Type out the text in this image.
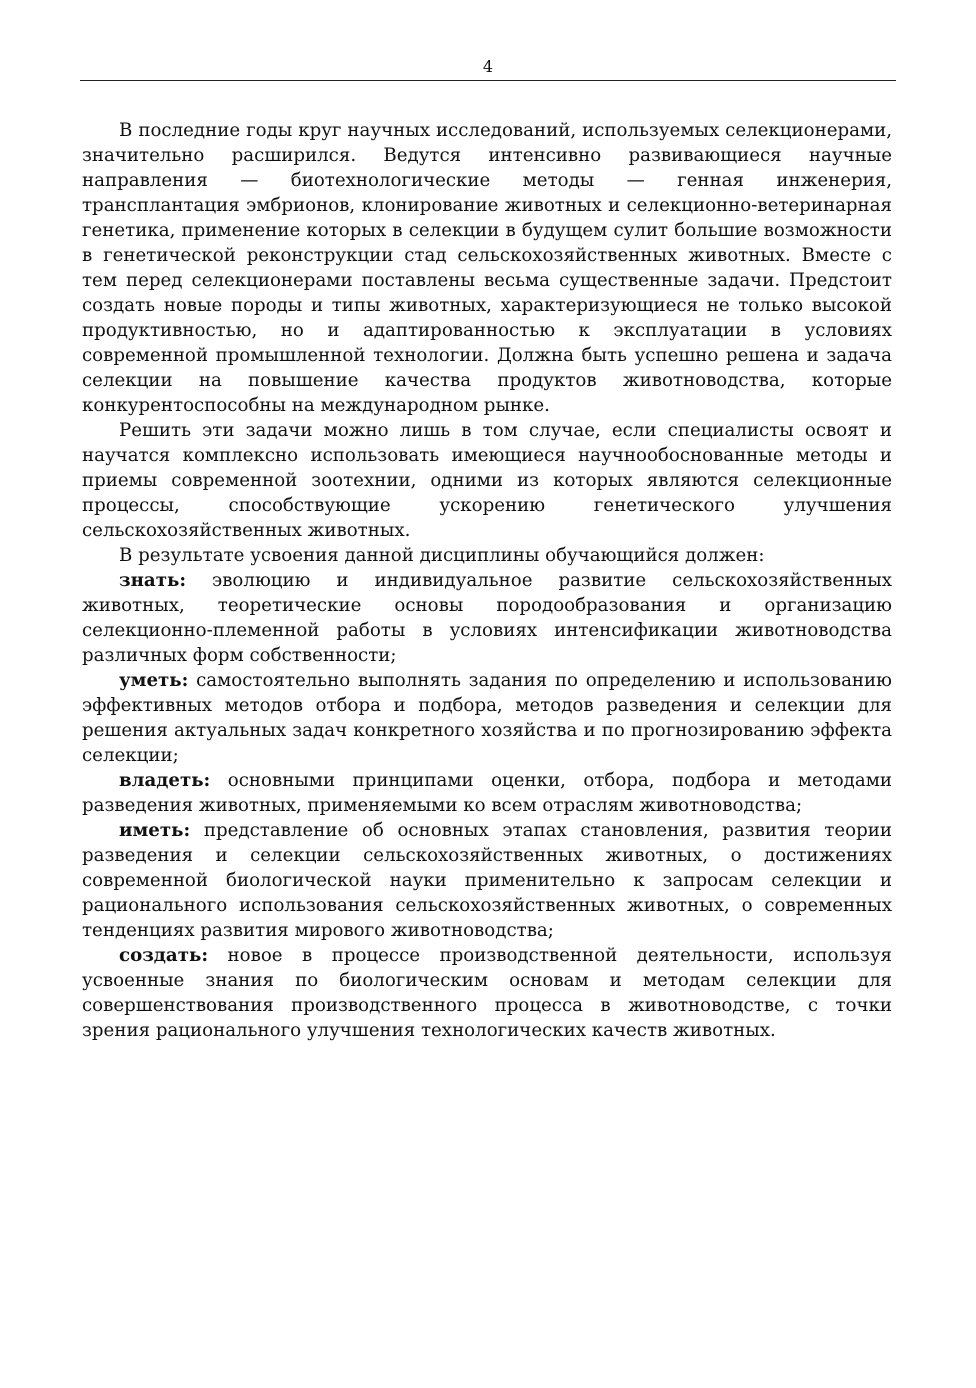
4

В последние годы круг научных исследований, используемых селекционерами, значительно расширился. Ведутся интенсивно развивающиеся научные направления — биотехнологические методы — генная инженерия, трансплантация эмбрионов, клонирование животных и селекционно-ветеринарная генетика, применение которых в селекции в будущем сулит большие возможности в генетической реконструкции стад сельскохозяйственных животных. Вместе с тем перед селекционерами поставлены весьма существенные задачи. Предстоит создать новые породы и типы животных, характеризующиеся не только высокой продуктивностью, но и адаптированностью к эксплуатации в условиях современной промышленной технологии. Должна быть успешно решена и задача селекции на повышение качества продуктов животноводства, которые конкурентоспособны на международном рынке.

Решить эти задачи можно лишь в том случае, если специалисты освоят и научатся комплексно использовать имеющиеся научнообоснованные методы и приемы современной зоотехнии, одними из которых являются селекционные процессы, способствующие ускорению генетического улучшения сельскохозяйственных животных.

В результате усвоения данной дисциплины обучающийся должен:

знать: эволюцию и индивидуальное развитие сельскохозяйственных животных, теоретические основы породообразования и организацию селекционно-племенной работы в условиях интенсификации животноводства различных форм собственности;

уметь: самостоятельно выполнять задания по определению и использованию эффективных методов отбора и подбора, методов разведения и селекции для решения актуальных задач конкретного хозяйства и по прогнозированию эффекта селекции;

владеть: основными принципами оценки, отбора, подбора и методами разведения животных, применяемыми ко всем отраслям животноводства;

иметь: представление об основных этапах становления, развития теории разведения и селекции сельскохозяйственных животных, о достижениях современной биологической науки применительно к запросам селекции и рационального использования сельскохозяйственных животных, о современных тенденциях развития мирового животноводства;

создать: новое в процессе производственной деятельности, используя усвоенные знания по биологическим основам и методам селекции для совершенствования производственного процесса в животноводстве, с точки зрения рационального улучшения технологических качеств животных.
